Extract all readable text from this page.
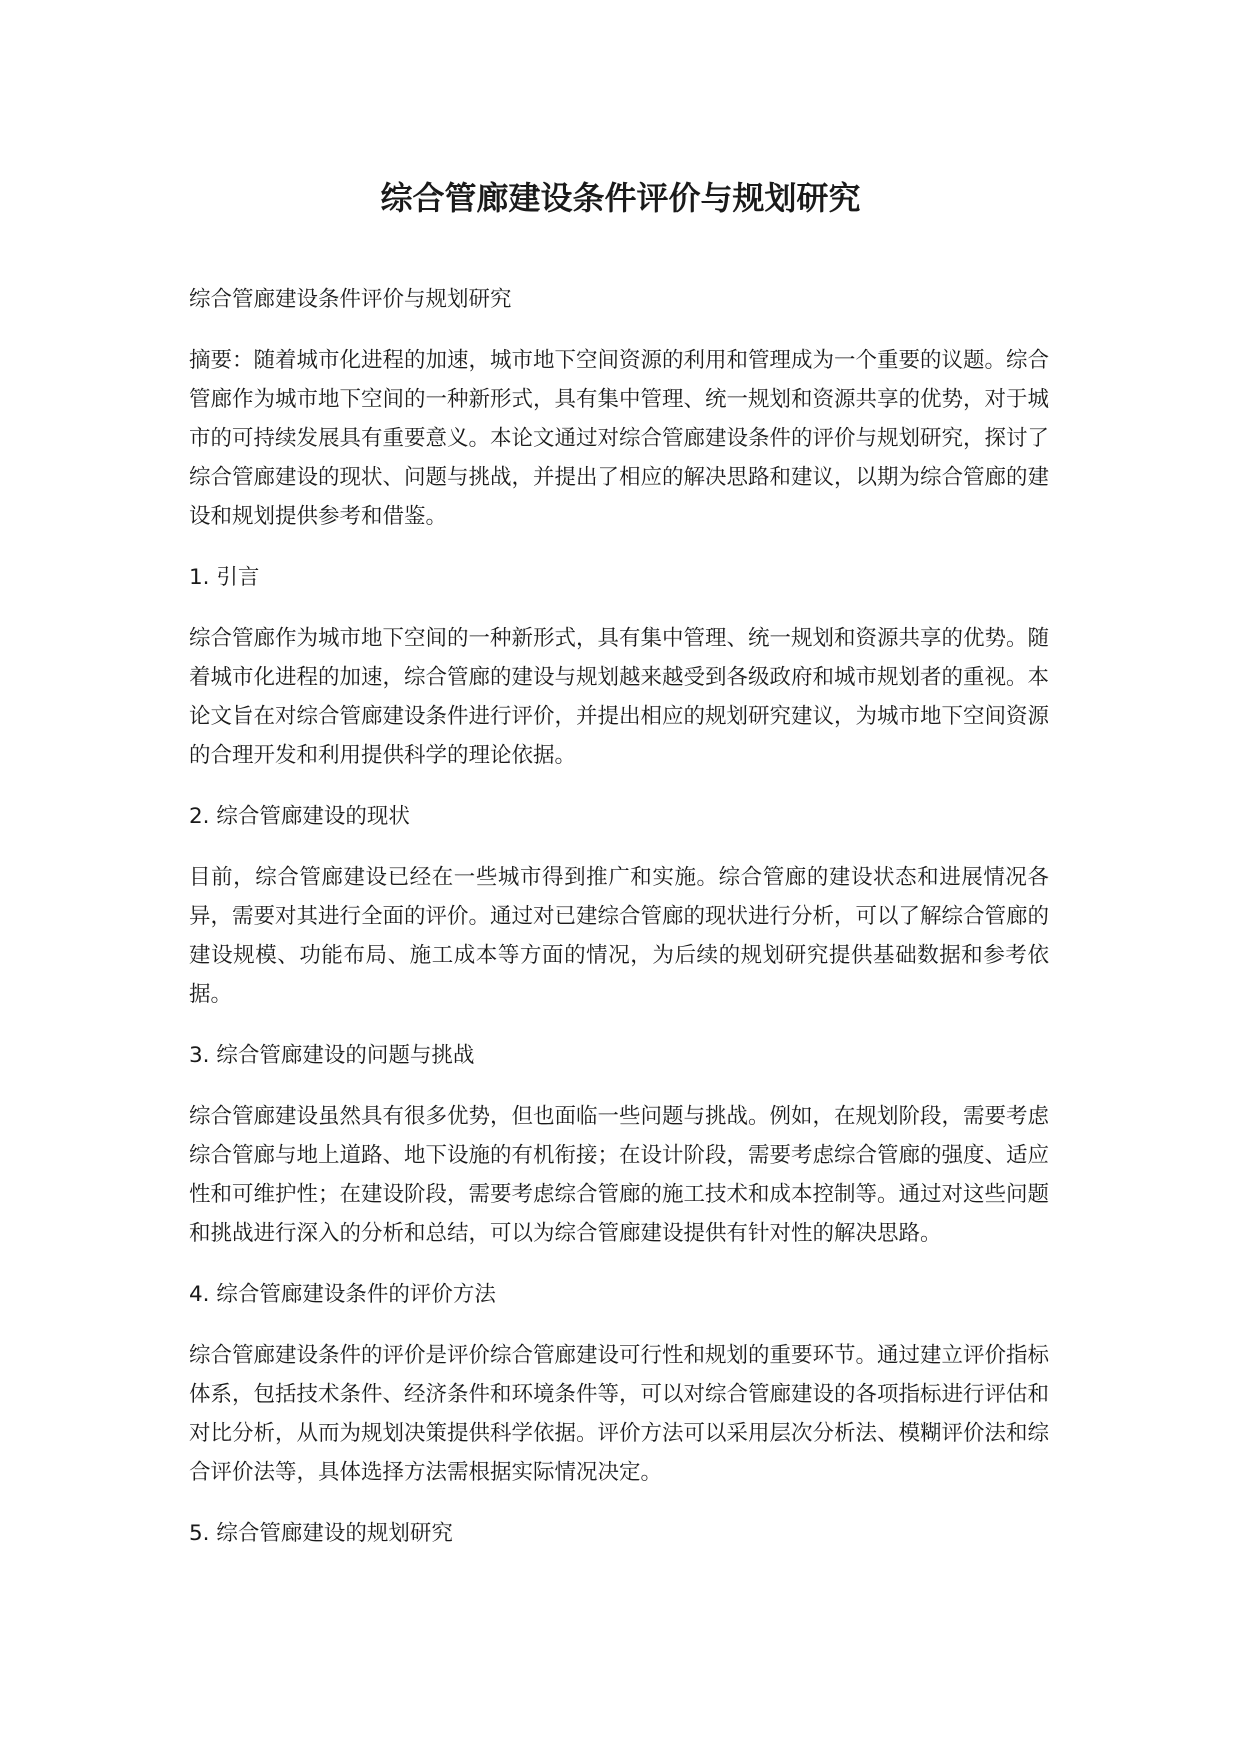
综合管廊建设条件评价与规划研究

综合管廊建设条件评价与规划研究

摘要：随着城市化进程的加速，城市地下空间资源的利用和管理成为一个重要的议题。综合管廊作为城市地下空间的一种新形式，具有集中管理、统一规划和资源共享的优势，对于城市的可持续发展具有重要意义。本论文通过对综合管廊建设条件的评价与规划研究，探讨了综合管廊建设的现状、问题与挑战，并提出了相应的解决思路和建议，以期为综合管廊的建设和规划提供参考和借鉴。

1. 引言

综合管廊作为城市地下空间的一种新形式，具有集中管理、统一规划和资源共享的优势。随着城市化进程的加速，综合管廊的建设与规划越来越受到各级政府和城市规划者的重视。本论文旨在对综合管廊建设条件进行评价，并提出相应的规划研究建议，为城市地下空间资源的合理开发和利用提供科学的理论依据。

2. 综合管廊建设的现状

目前，综合管廊建设已经在一些城市得到推广和实施。综合管廊的建设状态和进展情况各异，需要对其进行全面的评价。通过对已建综合管廊的现状进行分析，可以了解综合管廊的建设规模、功能布局、施工成本等方面的情况，为后续的规划研究提供基础数据和参考依据。

3. 综合管廊建设的问题与挑战

综合管廊建设虽然具有很多优势，但也面临一些问题与挑战。例如，在规划阶段，需要考虑综合管廊与地上道路、地下设施的有机衔接；在设计阶段，需要考虑综合管廊的强度、适应性和可维护性；在建设阶段，需要考虑综合管廊的施工技术和成本控制等。通过对这些问题和挑战进行深入的分析和总结，可以为综合管廊建设提供有针对性的解决思路。

4. 综合管廊建设条件的评价方法

综合管廊建设条件的评价是评价综合管廊建设可行性和规划的重要环节。通过建立评价指标体系，包括技术条件、经济条件和环境条件等，可以对综合管廊建设的各项指标进行评估和对比分析，从而为规划决策提供科学依据。评价方法可以采用层次分析法、模糊评价法和综合评价法等，具体选择方法需根据实际情况决定。

5. 综合管廊建设的规划研究
